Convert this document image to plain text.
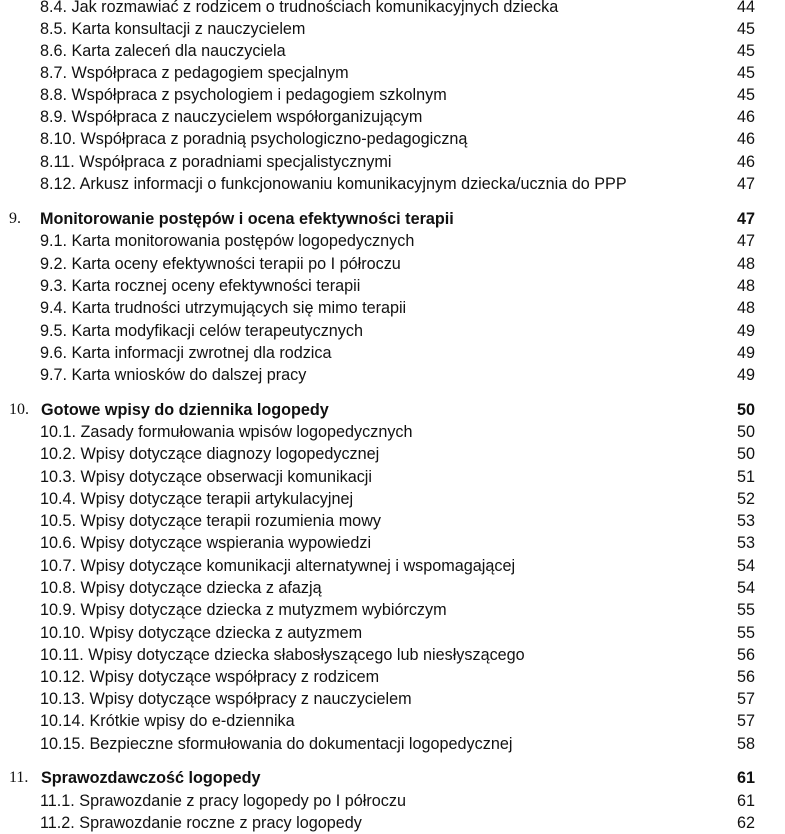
8.4. Jak rozmawiać z rodzicem o trudnościach komunikacyjnych dziecka	44
8.5. Karta konsultacji z nauczycielem	45
8.6. Karta zaleceń dla nauczyciela	45
8.7. Współpraca z pedagogiem specjalnym	45
8.8. Współpraca z psychologiem i pedagogiem szkolnym	45
8.9. Współpraca z nauczycielem współorganizującym	46
8.10. Współpraca z poradnią psychologiczno-pedagogiczną	46
8.11. Współpraca z poradniami specjalistycznymi	46
8.12. Arkusz informacji o funkcjonowaniu komunikacyjnym dziecka/ucznia do PPP	47
9. Monitorowanie postępów i ocena efektywności terapii	47
9.1. Karta monitorowania postępów logopedycznych	47
9.2. Karta oceny efektywności terapii po I półroczu	48
9.3. Karta rocznej oceny efektywności terapii	48
9.4. Karta trudności utrzymujących się mimo terapii	48
9.5. Karta modyfikacji celów terapeutycznych	49
9.6. Karta informacji zwrotnej dla rodzica	49
9.7. Karta wniosków do dalszej pracy	49
10. Gotowe wpisy do dziennika logopedy	50
10.1. Zasady formułowania wpisów logopedycznych	50
10.2. Wpisy dotyczące diagnozy logopedycznej	50
10.3. Wpisy dotyczące obserwacji komunikacji	51
10.4. Wpisy dotyczące terapii artykulacyjnej	52
10.5. Wpisy dotyczące terapii rozumienia mowy	53
10.6. Wpisy dotyczące wspierania wypowiedzi	53
10.7. Wpisy dotyczące komunikacji alternatywnej i wspomagającej	54
10.8. Wpisy dotyczące dziecka z afazją	54
10.9. Wpisy dotyczące dziecka z mutyzmem wybiórczym	55
10.10. Wpisy dotyczące dziecka z autyzmem	55
10.11. Wpisy dotyczące dziecka słabosłyszącego lub niesłyszącego	56
10.12. Wpisy dotyczące współpracy z rodzicem	56
10.13. Wpisy dotyczące współpracy z nauczycielem	57
10.14. Krótkie wpisy do e-dziennika	57
10.15. Bezpieczne sformułowania do dokumentacji logopedycznej	58
11. Sprawozdawczość logopedy	61
11.1. Sprawozdanie z pracy logopedy po I półroczu	61
11.2. Sprawozdanie roczne z pracy logopedy	62
